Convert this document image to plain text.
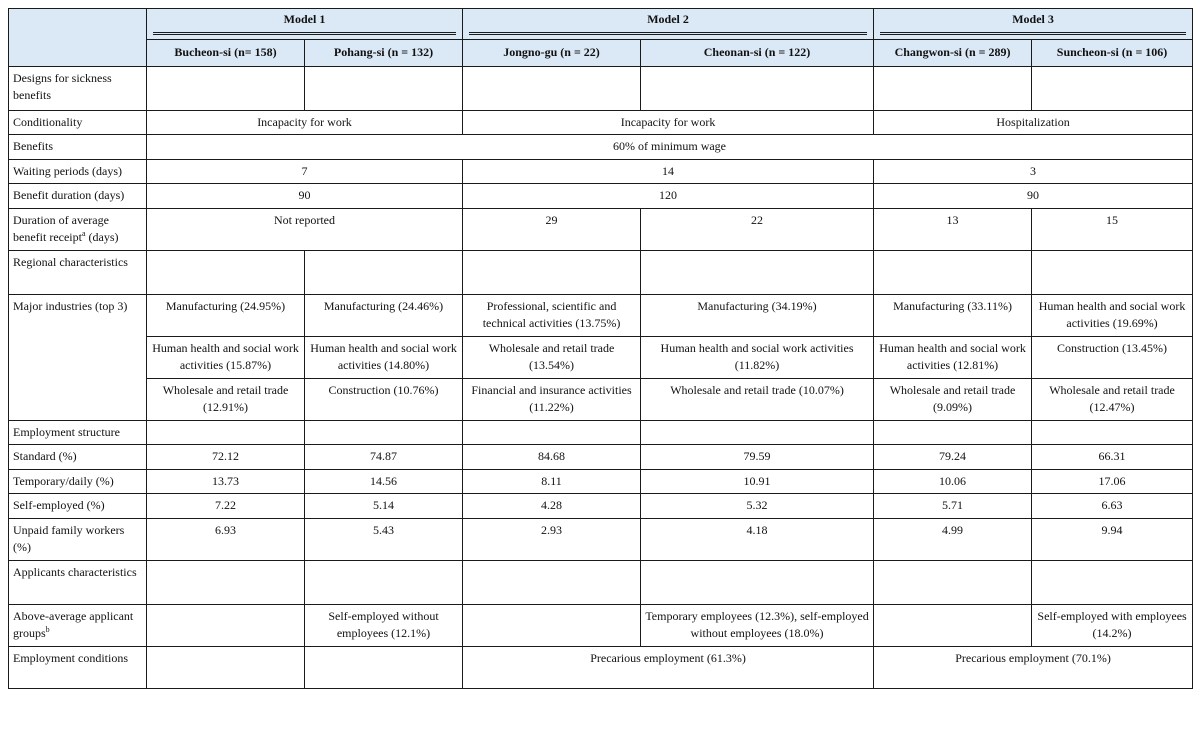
	Model 1		Model 2		Model 3	

	Bucheon-si (n= 158)	Pohang-si (n = 132)	Jongno-gu (n = 22)	Cheonan-si (n = 122)	Changwon-si (n = 289)	Suncheon-si (n = 106)
Designs for sickness benefits						
Conditionality	Incapacity for work		Incapacity for work		Hospitalization	
Benefits	60% of minimum wage					
Waiting periods (days)	7		14		3	
Benefit duration (days)	90		120		90	
Duration of average benefit receipt$^a$ (days)	Not reported		29	22	13	15
Regional characteristics						
Major industries (top 3)	Manufacturing (24.95%)	Manufacturing (24.46%)	Professional, scientific and technical activities (13.75%)	Manufacturing (34.19%)	Manufacturing (33.11%)	Human health and social work activities (19.69%)
	Human health and social work activities (15.87%)	Human health and social work activities (14.80%)	Wholesale and retail trade (13.54%)	Human health and social work activities (11.82%)	Human health and social work activities (12.81%)	Construction (13.45%)
	Wholesale and retail trade (12.91%)	Construction (10.76%)	Financial and insurance activities (11.22%)	Wholesale and retail trade (10.07%)	Wholesale and retail trade (9.09%)	Wholesale and retail trade (12.47%)
Employment structure						
Standard (%)	72.12	74.87	84.68	79.59	79.24	66.31
Temporary/daily (%)	13.73	14.56	8.11	10.91	10.06	17.06
Self-employed (%)	7.22	5.14	4.28	5.32	5.71	6.63
Unpaid family workers (%)	6.93	5.43	2.93	4.18	4.99	9.94
Applicants characteristics						
Above-average applicant groups$^b$		Self-employed without employees (12.1%)		Temporary employees (12.3%), self-employed without employees (18.0%)		Self-employed with employees (14.2%)
Employment conditions			Precarious employment (61.3%)		Precarious employment (70.1%)	
